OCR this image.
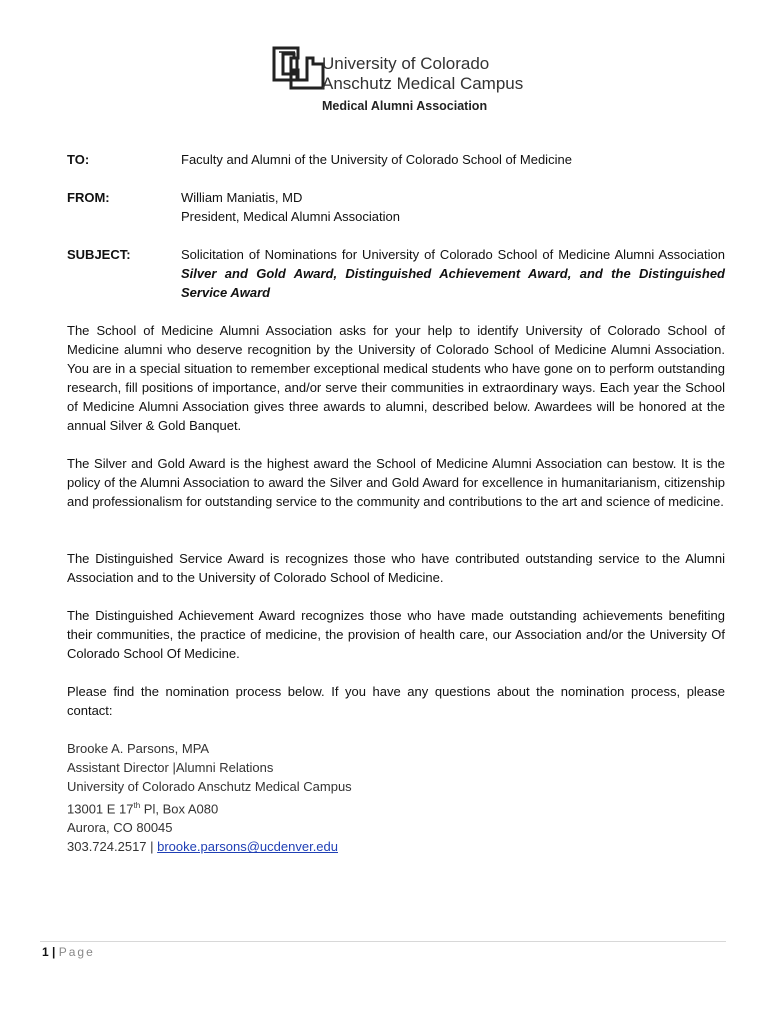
University of Colorado
Anschutz Medical Campus
Medical Alumni Association
TO:	Faculty and Alumni of the University of Colorado School of Medicine
FROM:	William Maniatis, MD
President, Medical Alumni Association
SUBJECT:	Solicitation of Nominations for University of Colorado School of Medicine Alumni Association Silver and Gold Award, Distinguished Achievement Award, and the Distinguished Service Award
The School of Medicine Alumni Association asks for your help to identify University of Colorado School of Medicine alumni who deserve recognition by the University of Colorado School of Medicine Alumni Association. You are in a special situation to remember exceptional medical students who have gone on to perform outstanding research, fill positions of importance, and/or serve their communities in extraordinary ways. Each year the School of Medicine Alumni Association gives three awards to alumni, described below. Awardees will be honored at the annual Silver & Gold Banquet.
The Silver and Gold Award is the highest award the School of Medicine Alumni Association can bestow. It is the policy of the Alumni Association to award the Silver and Gold Award for excellence in humanitarianism, citizenship and professionalism for outstanding service to the community and contributions to the art and science of medicine.
The Distinguished Service Award is recognizes those who have contributed outstanding service to the Alumni Association and to the University of Colorado School of Medicine.
The Distinguished Achievement Award recognizes those who have made outstanding achievements benefiting their communities, the practice of medicine, the provision of health care, our Association and/or the University Of Colorado School Of Medicine.
Please find the nomination process below. If you have any questions about the nomination process, please contact:
Brooke A. Parsons, MPA
Assistant Director |Alumni Relations
University of Colorado Anschutz Medical Campus
13001 E 17th Pl, Box A080
Aurora, CO 80045
303.724.2517 | brooke.parsons@ucdenver.edu
1 | Page
